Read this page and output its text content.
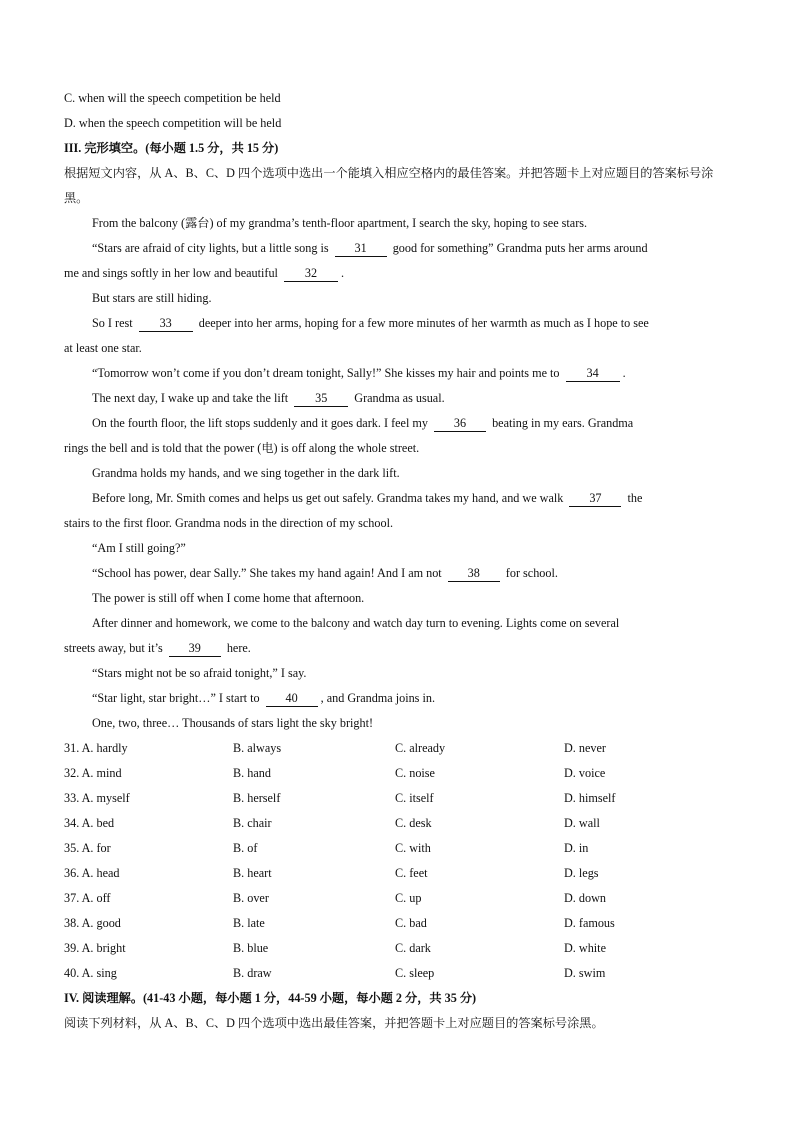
C. when will the speech competition be held
D. when the speech competition will be held
III. 完形填空。(每小题 1.5 分，共 15 分)
根据短文内容，从 A、B、C、D 四个选项中选出一个能填入相应空格内的最佳答案。并把答题卡上对应题目的答案标号涂黑。
From the balcony (露台) of my grandma’s tenth-floor apartment, I search the sky, hoping to see stars.
“Stars are afraid of city lights, but a little song is 31 good for something” Grandma puts her arms around
me and sings softly in her low and beautiful 32 .
But stars are still hiding.
So I rest 33 deeper into her arms, hoping for a few more minutes of her warmth as much as I hope to see
at least one star.
“Tomorrow won’t come if you don’t dream tonight, Sally!” She kisses my hair and points me to 34 .
The next day, I wake up and take the lift 35 Grandma as usual.
On the fourth floor, the lift stops suddenly and it goes dark. I feel my 36 beating in my ears. Grandma
rings the bell and is told that the power (电) is off along the whole street.
Grandma holds my hands, and we sing together in the dark lift.
Before long, Mr. Smith comes and helps us get out safely. Grandma takes my hand, and we walk 37 the
stairs to the first floor. Grandma nods in the direction of my school.
“Am I still going?”
“School has power, dear Sally.” She takes my hand again! And I am not 38 for school.
The power is still off when I come home that afternoon.
After dinner and homework, we come to the balcony and watch day turn to evening. Lights come on several
streets away, but it’s 39 here.
“Stars might not be so afraid tonight,” I say.
“Star light, star bright…” I start to 40 , and Grandma joins in.
One, two, three… Thousands of stars light the sky bright!
31. A. hardly	B. always	C. already	D. never
32. A. mind	B. hand	C. noise	D. voice
33. A. myself	B. herself	C. itself	D. himself
34. A. bed	B. chair	C. desk	D. wall
35. A. for	B. of	C. with	D. in
36. A. head	B. heart	C. feet	D. legs
37. A. off	B. over	C. up	D. down
38. A. good	B. late	C. bad	D. famous
39. A. bright	B. blue	C. dark	D. white
40. A. sing	B. draw	C. sleep	D. swim
IV. 阅读理解。(41-43 小题，每小题 1 分，44-59 小题，每小题 2 分，共 35 分)
阅读下列材料，从 A、B、C、D 四个选项中选出最佳答案，并把答题卡上对应题目的答案标号涂黑。
